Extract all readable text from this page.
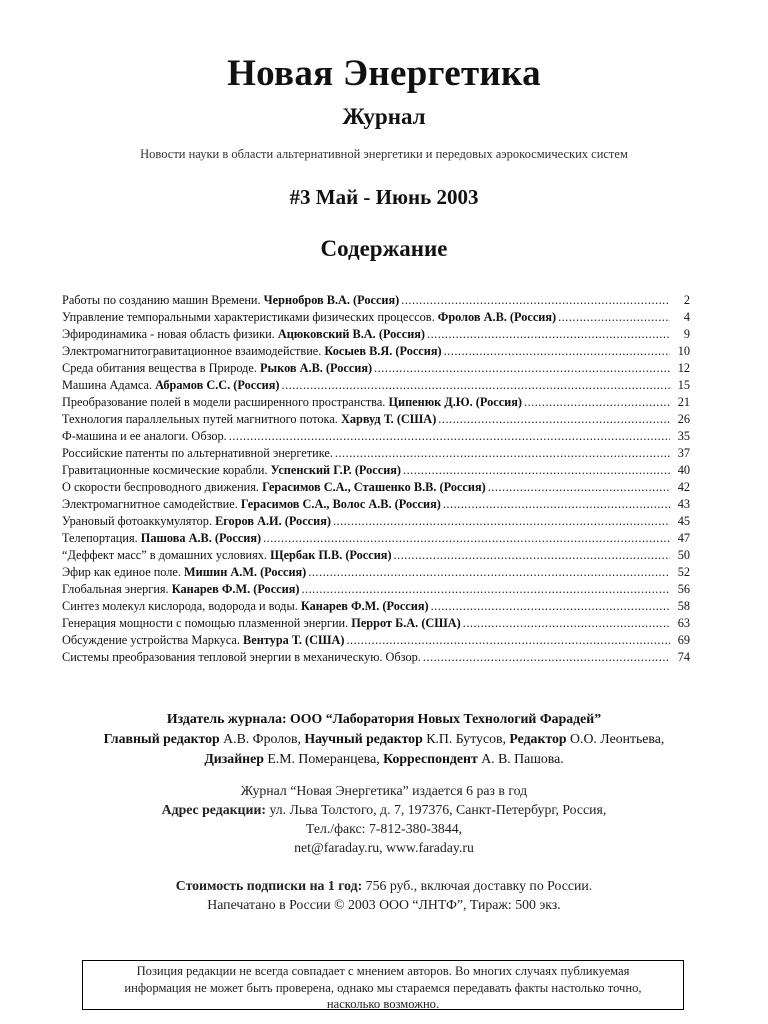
Новая Энергетика
Журнал
Новости науки в области альтернативной энергетики и передовых аэрокосмических систем
#3 Май - Июнь 2003
Содержание
Работы по созданию машин Времени. Чернобров В.А. (Россия) .....	2
Управление темпоральными характеристиками физических процессов. Фролов А.В. (Россия) .....	4
Эфиродинамика - новая область физики. Ацюковский В.А. (Россия) .....	9
Электромагнитогравитационное взаимодействие. Косыев В.Я. (Россия) .....	10
Среда обитания вещества в Природе. Рыков А.В. (Россия) .....	12
Машина Адамса. Абрамов С.С. (Россия) .....	15
Преобразование полей в модели расширенного пространства. Ципенюк Д.Ю. (Россия) .....	21
Технология параллельных путей магнитного потока. Харвуд Т. (США) .....	26
Ф-машина и ее аналоги. Обзор. .....	35
Российские патенты по альтернативной энергетике. .....	37
Гравитационные космические корабли. Успенский Г.Р. (Россия) .....	40
О скорости беспроводного движения. Герасимов С.А., Сташенко В.В. (Россия) .....	42
Электромагнитное самодействие. Герасимов С.А., Волос А.В. (Россия) .....	43
Урановый фотоаккумулятор. Егоров А.И. (Россия) .....	45
Телепортация. Пашова А.В. (Россия) .....	47
“Деффект масс” в домашних условиях. Щербак П.В. (Россия) .....	50
Эфир как единое поле. Мишин А.М. (Россия) .....	52
Глобальная энергия. Канарев Ф.М. (Россия) .....	56
Синтез молекул кислорода, водорода и воды. Канарев Ф.М. (Россия) .....	58
Генерация мощности с помощью плазменной энергии. Перрот Б.А. (США) .....	63
Обсуждение устройства Маркуса. Вентура Т. (США) .....	69
Системы преобразования тепловой энергии в механическую. Обзор. .....	74
Издатель журнала: ООО “Лаборатория Новых Технологий Фарадей”
Главный редактор А.В. Фролов, Научный редактор К.П. Бутусов, Редактор О.О. Леонтьева,
Дизайнер Е.М. Померанцева, Корреспондент А. В. Пашова.
Журнал “Новая Энергетика” издается 6 раз в год
Адрес редакции: ул. Льва Толстого, д. 7, 197376, Санкт-Петербург, Россия,
Тел./факс: 7-812-380-3844,
net@faraday.ru, www.faraday.ru
Стоимость подписки на 1 год: 756 руб., включая доставку по России.
Напечатано в России © 2003 ООО “ЛНТФ”, Тираж: 500 экз.
Позиция редакции не всегда совпадает с мнением авторов. Во многих случаях публикуемая информация не может быть проверена, однако мы стараемся передавать факты настолько точно, насколько возможно.
